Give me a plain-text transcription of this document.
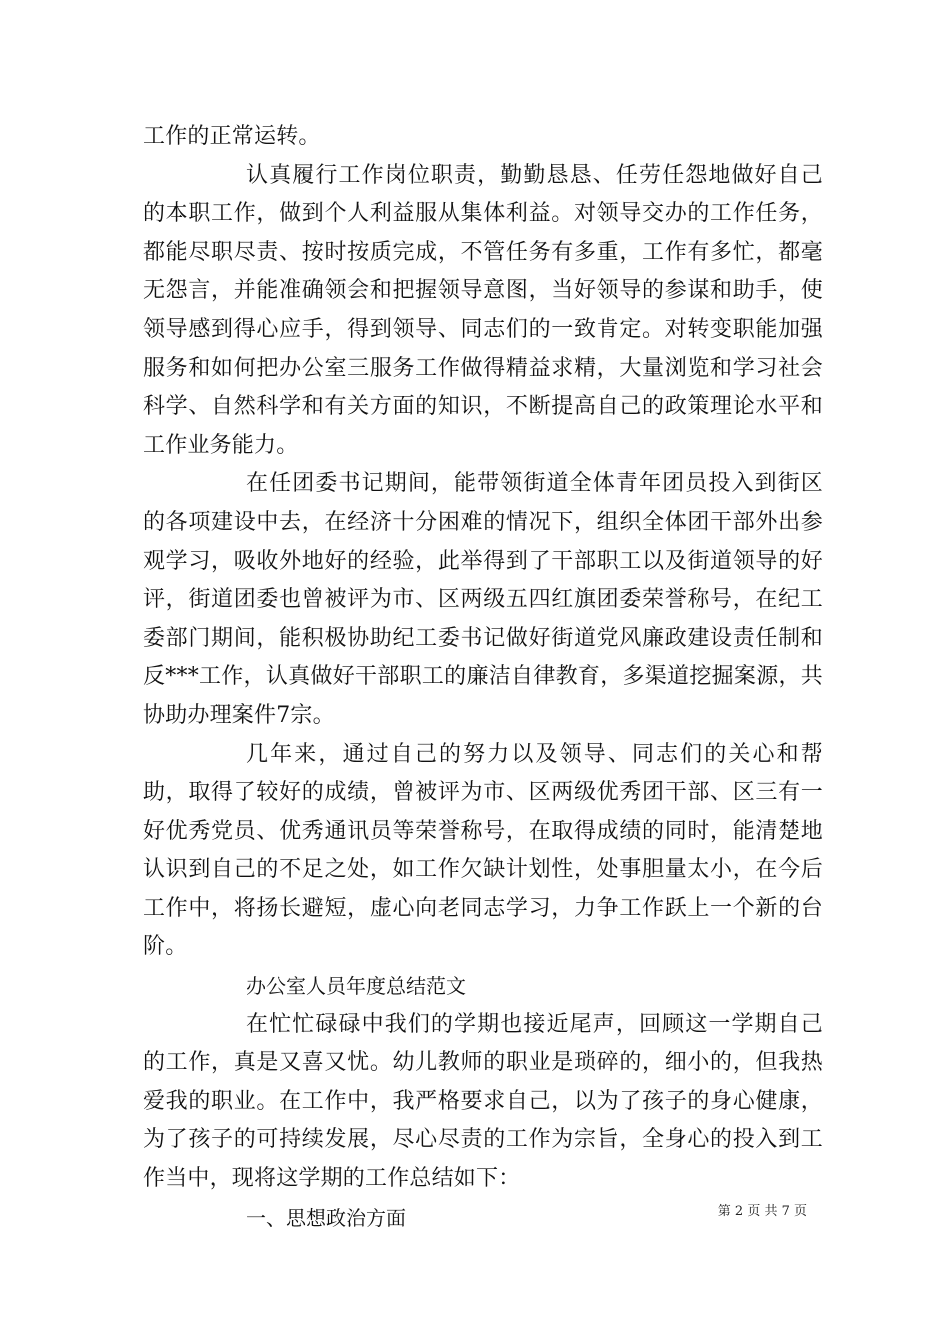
工作的正常运转。

认真履行工作岗位职责，勤勤恳恳、任劳任怨地做好自己的本职工作，做到个人利益服从集体利益。对领导交办的工作任务，都能尽职尽责、按时按质完成，不管任务有多重，工作有多忙，都毫无怨言，并能准确领会和把握领导意图，当好领导的参谋和助手，使领导感到得心应手，得到领导、同志们的一致肯定。对转变职能加强服务和如何把办公室三服务工作做得精益求精，大量浏览和学习社会科学、自然科学和有关方面的知识，不断提高自己的政策理论水平和工作业务能力。

在任团委书记期间，能带领街道全体青年团员投入到街区的各项建设中去，在经济十分困难的情况下，组织全体团干部外出参观学习，吸收外地好的经验，此举得到了干部职工以及街道领导的好评，街道团委也曾被评为市、区两级五四红旗团委荣誉称号，在纪工委部门期间，能积极协助纪工委书记做好街道党风廉政建设责任制和反***工作，认真做好干部职工的廉洁自律教育，多渠道挖掘案源，共协助办理案件7宗。

几年来，通过自己的努力以及领导、同志们的关心和帮助，取得了较好的成绩，曾被评为市、区两级优秀团干部、区三有一好优秀党员、优秀通讯员等荣誉称号，在取得成绩的同时，能清楚地认识到自己的不足之处，如工作欠缺计划性，处事胆量太小，在今后工作中，将扬长避短，虚心向老同志学习，力争工作跃上一个新的台阶。

办公室人员年度总结范文

在忙忙碌碌中我们的学期也接近尾声，回顾这一学期自己的工作，真是又喜又忧。幼儿教师的职业是琐碎的，细小的，但我热爱我的职业。在工作中，我严格要求自己，以为了孩子的身心健康，为了孩子的可持续发展，尽心尽责的工作为宗旨，全身心的投入到工作当中，现将这学期的工作总结如下：

一、思想政治方面	第 2 页 共 7 页
